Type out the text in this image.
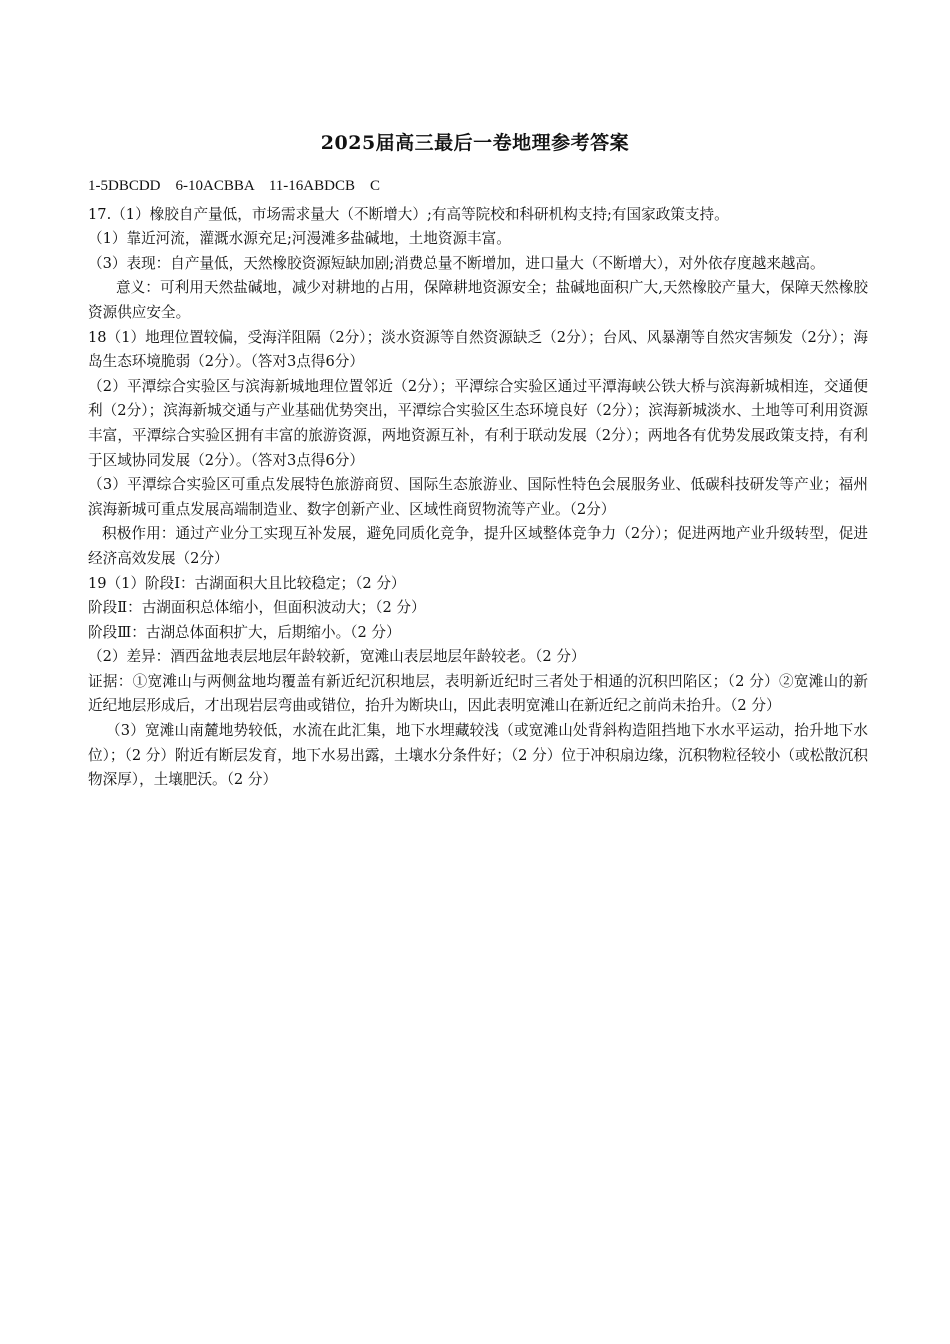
2025届高三最后一卷地理参考答案

1-5DBCDD　6-10ACBBA　11-16ABDCB　C

17.（1）橡胶自产量低，市场需求量大（不断增大）;有高等院校和科研机构支持;有国家政策支持。

（1）靠近河流，灌溉水源充足;河漫滩多盐碱地，土地资源丰富。

（3）表现：自产量低，天然橡胶资源短缺加剧;消费总量不断增加，进口量大（不断增大），对外依存度越来越高。

意义：可利用天然盐碱地，减少对耕地的占用，保障耕地资源安全；盐碱地面积广大,天然橡胶产量大，保障天然橡胶资源供应安全。

18（1）地理位置较偏，受海洋阻隔（2分）；淡水资源等自然资源缺乏（2分）；台风、风暴潮等自然灾害频发（2分）；海岛生态环境脆弱（2分）。（答对3点得6分）

（2）平潭综合实验区与滨海新城地理位置邻近（2分）；平潭综合实验区通过平潭海峡公铁大桥与滨海新城相连，交通便利（2分）；滨海新城交通与产业基础优势突出，平潭综合实验区生态环境良好（2分）；滨海新城淡水、土地等可利用资源丰富，平潭综合实验区拥有丰富的旅游资源，两地资源互补，有利于联动发展（2分）；两地各有优势发展政策支持，有利于区域协同发展（2分）。（答对3点得6分）

（3）平潭综合实验区可重点发展特色旅游商贸、国际生态旅游业、国际性特色会展服务业、低碳科技研发等产业；福州滨海新城可重点发展高端制造业、数字创新产业、区域性商贸物流等产业。（2分）

积极作用：通过产业分工实现互补发展，避免同质化竞争，提升区域整体竞争力（2分）；促进两地产业升级转型，促进经济高效发展（2分）

19（1）阶段Ⅰ：古湖面积大且比较稳定；（2 分）

阶段Ⅱ：古湖面积总体缩小，但面积波动大；（2 分）

阶段Ⅲ：古湖总体面积扩大，后期缩小。（2 分）

（2）差异：酒西盆地表层地层年龄较新，宽滩山表层地层年龄较老。（2 分）

证据：①宽滩山与两侧盆地均覆盖有新近纪沉积地层，表明新近纪时三者处于相通的沉积凹陷区；（2 分）②宽滩山的新近纪地层形成后，才出现岩层弯曲或错位，抬升为断块山，因此表明宽滩山在新近纪之前尚未抬升。（2 分）

（3）宽滩山南麓地势较低，水流在此汇集，地下水埋藏较浅（或宽滩山处背斜构造阻挡地下水水平运动，抬升地下水位）；（2 分）附近有断层发育，地下水易出露，土壤水分条件好；（2 分）位于冲积扇边缘，沉积物粒径较小（或松散沉积物深厚），土壤肥沃。（2 分）
